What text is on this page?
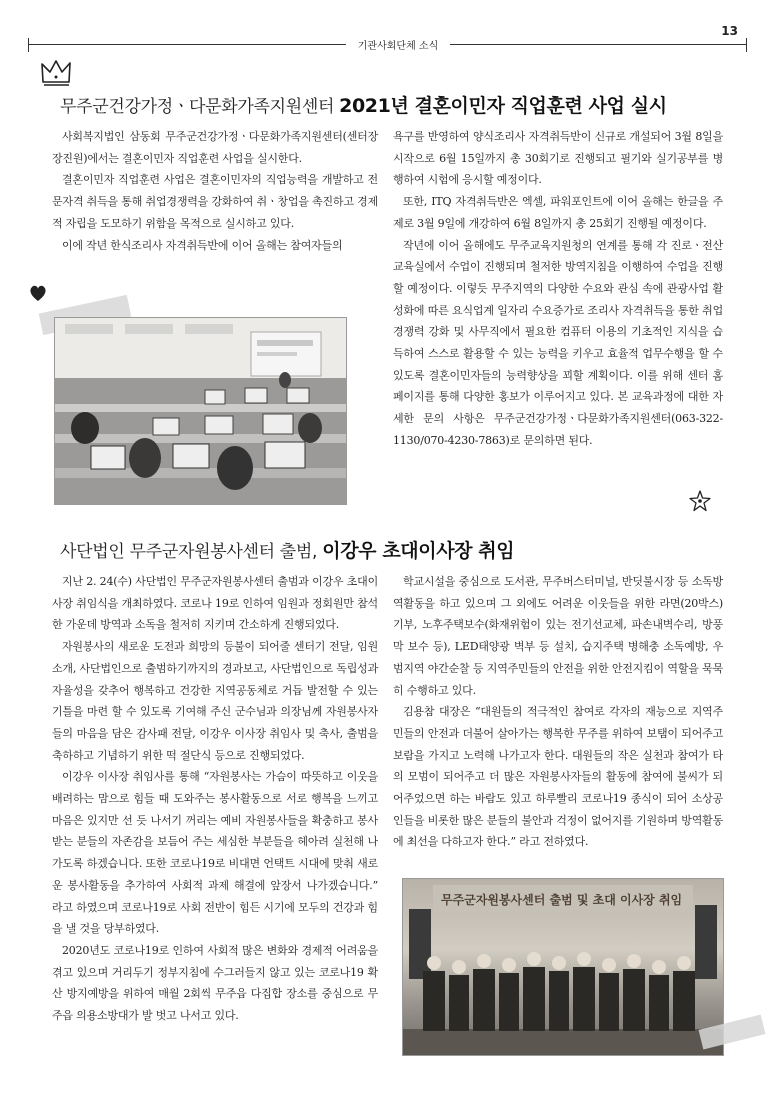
기관사회단체 소식
13
무주군건강가정ㆍ다문화가족지원센터 2021년 결혼이민자 직업훈련 사업 실시

사회복지법인 삼동회 무주군건강가정ㆍ다문화가족지원센터(센터장 장진원)에서는 결혼이민자 직업훈련 사업을 실시한다.

결혼이민자 직업훈련 사업은 결혼이민자의 직업능력을 개발하고 전문자격 취득을 통해 취업경쟁력을 강화하여 취ㆍ창업을 촉진하고 경제적 자립을 도모하기 위함을 목적으로 실시하고 있다.

이에 작년 한식조리사 자격취득반에 이어 올해는 참여자들의

욕구를 반영하여 양식조리사 자격취득반이 신규로 개설되어 3월 8일을 시작으로 6월 15일까지 총 30회기로 진행되고 필기와 실기공부를 병행하여 시험에 응시할 예정이다.

또한, ITQ 자격취득반은 엑셀, 파워포인트에 이어 올해는 한글을 주제로 3월 9일에 개강하여 6월 8일까지 총 25회기 진행될 예정이다.

작년에 이어 올해에도 무주교육지원청의 연계를 통해 각 진로ㆍ전산교육실에서 수업이 진행되며 철저한 방역지침을 이행하여 수업을 진행할 예정이다. 이렇듯 무주지역의 다양한 수요와 관심 속에 관광사업 활성화에 따른 요식업계 일자리 수요증가로 조리사 자격취득을 통한 취업경쟁력 강화 및 사무직에서 필요한 컴퓨터 이용의 기초적인 지식을 습득하여 스스로 활용할 수 있는 능력을 키우고 효율적 업무수행을 할 수 있도록 결혼이민자들의 능력향상을 꾀할 계획이다. 이를 위해 센터 홈페이지를 통해 다양한 홍보가 이루어지고 있다. 본 교육과정에 대한 자세한 문의 사항은 무주군건강가정ㆍ다문화가족지원센터(063-322-1130/070-4230-7863)로 문의하면 된다.

사단법인 무주군자원봉사센터 출범, 이강우 초대이사장 취임

지난 2. 24(수) 사단법인 무주군자원봉사센터 출범과 이강우 초대이사장 취임식을 개최하였다. 코로나 19로 인하여 임원과 정회원만 참석한 가운데 방역과 소독을 철저히 지키며 간소하게 진행되었다.

자원봉사의 새로운 도전과 희망의 등불이 되어줄 센터기 전달, 임원소개, 사단법인으로 출범하기까지의 경과보고, 사단법인으로 독립성과 자율성을 갖추어 행복하고 건강한 지역공동체로 거듭 발전할 수 있는 기틀을 마련 할 수 있도록 기여해 주신 군수님과 의장님께 자원봉사자들의 마음을 담은 감사패 전달, 이강우 이사장 취임사 및 축사, 출범을 축하하고 기념하기 위한 떡 절단식 등으로 진행되었다.

이강우 이사장 취임사를 통해 “자원봉사는 가슴이 따뜻하고 이웃을 배려하는 맘으로 힘들 때 도와주는 봉사활동으로 서로 행복을 느끼고 마음은 있지만 선 듯 나서기 꺼리는 예비 자원봉사들을 확충하고 봉사 받는 분들의 자존감을 보듬어 주는 세심한 부분들을 헤아려 실천해 나가도록 하겠습니다. 또한 코로나19로 비대면 언택트 시대에 맞춰 새로운 봉사활동을 추가하여 사회적 과제 해결에 앞장서 나가겠습니다.” 라고 하였으며 코로나19로 사회 전반이 힘든 시기에 모두의 건강과 힘을 낼 것을 당부하였다.

2020년도 코로나19로 인하여 사회적 많은 변화와 경제적 어려움을 겪고 있으며 거리두기 정부지침에 수그러들지 않고 있는 코로나19 확산 방지예방을 위하여 매월 2회씩 무주읍 다집합 장소를 중심으로 무주읍 의용소방대가 발 벗고 나서고 있다.

학교시설을 중심으로 도서관, 무주버스터미널, 반딧불시장 등 소독방역활동을 하고 있으며 그 외에도 어려운 이웃들을 위한 라면(20박스) 기부, 노후주택보수(화재위험이 있는 전기선교체, 파손내벽수리, 방풍막 보수 등), LED태양광 벽부 등 설치, 습지주택 병해충 소독예방, 우범지역 야간순찰 등 지역주민들의 안전을 위한 안전지킴이 역할을 묵묵히 수행하고 있다.

김용참 대장은 “대원들의 적극적인 참여로 각자의 재능으로 지역주민들의 안전과 더불어 살아가는 행복한 무주를 위하여 보탬이 되어주고 보람을 가지고 노력해 나가고자 한다. 대원들의 작은 실천과 참여가 타의 모범이 되어주고 더 많은 자원봉사자들의 활동에 참여에 불씨가 되어주었으면 하는 바람도 있고 하루빨리 코로나19 종식이 되어 소상공인들을 비롯한 많은 분들의 불안과 걱정이 없어지를 기원하며 방역활동에 최선을 다하고자 한다.” 라고 전하였다.

무주군자원봉사센터 출범 및 초대 이사장 취임
